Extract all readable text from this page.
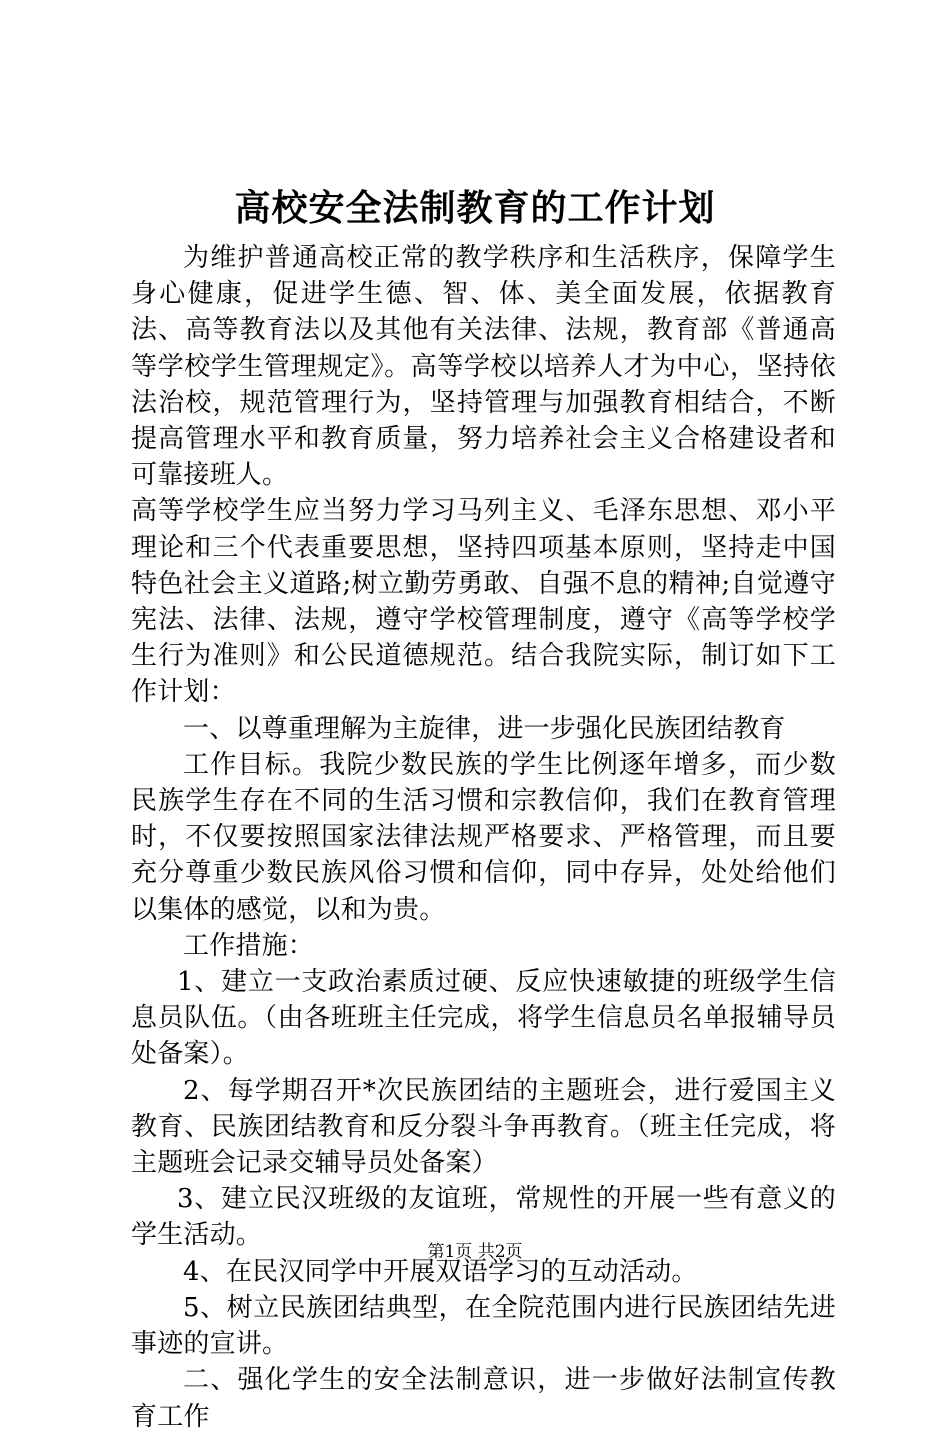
高校安全法制教育的工作计划

为维护普通高校正常的教学秩序和生活秩序，保障学生身心健康，促进学生德、智、体、美全面发展，依据教育法、高等教育法以及其他有关法律、法规，教育部《普通高等学校学生管理规定》。高等学校以培养人才为中心，坚持依法治校，规范管理行为，坚持管理与加强教育相结合，不断提高管理水平和教育质量，努力培养社会主义合格建设者和可靠接班人。

高等学校学生应当努力学习马列主义、毛泽东思想、邓小平理论和三个代表重要思想，坚持四项基本原则，坚持走中国特色社会主义道路;树立勤劳勇敢、自强不息的精神;自觉遵守宪法、法律、法规，遵守学校管理制度，遵守《高等学校学生行为准则》和公民道德规范。结合我院实际，制订如下工作计划：

一、以尊重理解为主旋律，进一步强化民族团结教育

工作目标。我院少数民族的学生比例逐年增多，而少数民族学生存在不同的生活习惯和宗教信仰，我们在教育管理时，不仅要按照国家法律法规严格要求、严格管理，而且要充分尊重少数民族风俗习惯和信仰，同中存异，处处给他们以集体的感觉，以和为贵。

工作措施：

1、建立一支政治素质过硬、反应快速敏捷的班级学生信息员队伍。（由各班班主任完成，将学生信息员名单报辅导员处备案）。

2、每学期召开*次民族团结的主题班会，进行爱国主义教育、民族团结教育和反分裂斗争再教育。（班主任完成，将主题班会记录交辅导员处备案）

3、建立民汉班级的友谊班，常规性的开展一些有意义的学生活动。

4、在民汉同学中开展双语学习的互动活动。

5、树立民族团结典型，在全院范围内进行民族团结先进事迹的宣讲。

二、强化学生的安全法制意识，进一步做好法制宣传教育工作

第1页 共2页
